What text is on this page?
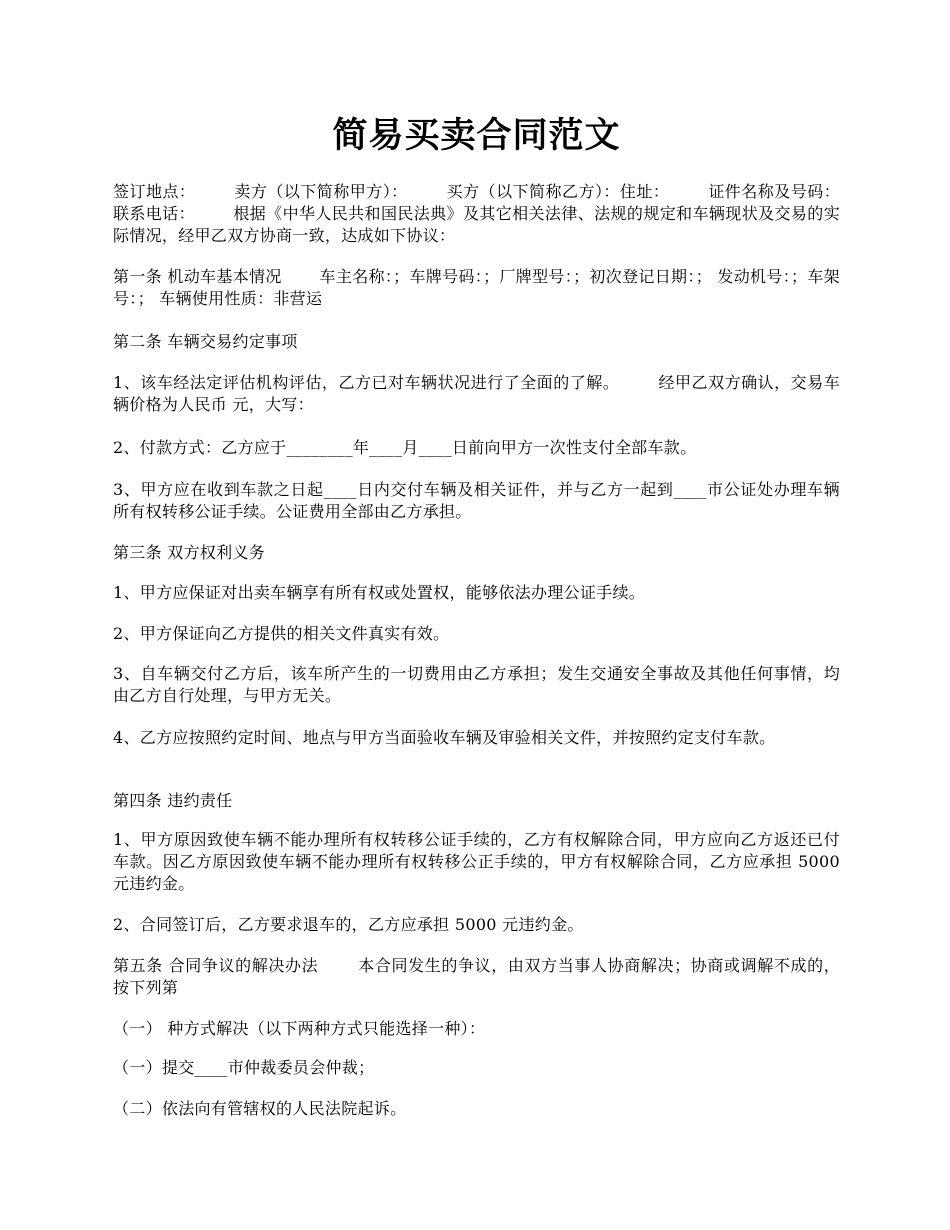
简易买卖合同范文

签订地点：       卖方（以下简称甲方）：       买方（以下简称乙方）：住址：       证件名称及号码： 联系电话：       根据《中华人民共和国民法典》及其它相关法律、法规的规定和车辆现状及交易的实际情况，经甲乙双方协商一致，达成如下协议：

第一条 机动车基本情况       车主名称：；车牌号码：；厂牌型号：；初次登记日期：； 发动机号：；车架号：； 车辆使用性质：非营运

第二条 车辆交易约定事项

1、该车经法定评估机构评估，乙方已对车辆状况进行了全面的了解。       经甲乙双方确认，交易车辆价格为人民币 元，大写：

2、付款方式：乙方应于________年____月____日前向甲方一次性支付全部车款。

3、甲方应在收到车款之日起____日内交付车辆及相关证件，并与乙方一起到____市公证处办理车辆所有权转移公证手续。公证费用全部由乙方承担。

第三条 双方权利义务

1、甲方应保证对出卖车辆享有所有权或处置权，能够依法办理公证手续。

2、甲方保证向乙方提供的相关文件真实有效。

3、自车辆交付乙方后，该车所产生的一切费用由乙方承担；发生交通安全事故及其他任何事情，均由乙方自行处理，与甲方无关。

4、乙方应按照约定时间、地点与甲方当面验收车辆及审验相关文件，并按照约定支付车款。

第四条 违约责任

1、甲方原因致使车辆不能办理所有权转移公证手续的，乙方有权解除合同，甲方应向乙方返还已付车款。因乙方原因致使车辆不能办理所有权转移公正手续的，甲方有权解除合同，乙方应承担 5000 元违约金。

2、合同签订后，乙方要求退车的，乙方应承担 5000 元违约金。

第五条 合同争议的解决办法       本合同发生的争议，由双方当事人协商解决；协商或调解不成的，按下列第

（一） 种方式解决（以下两种方式只能选择一种）：

（一）提交____市仲裁委员会仲裁；

（二）依法向有管辖权的人民法院起诉。
